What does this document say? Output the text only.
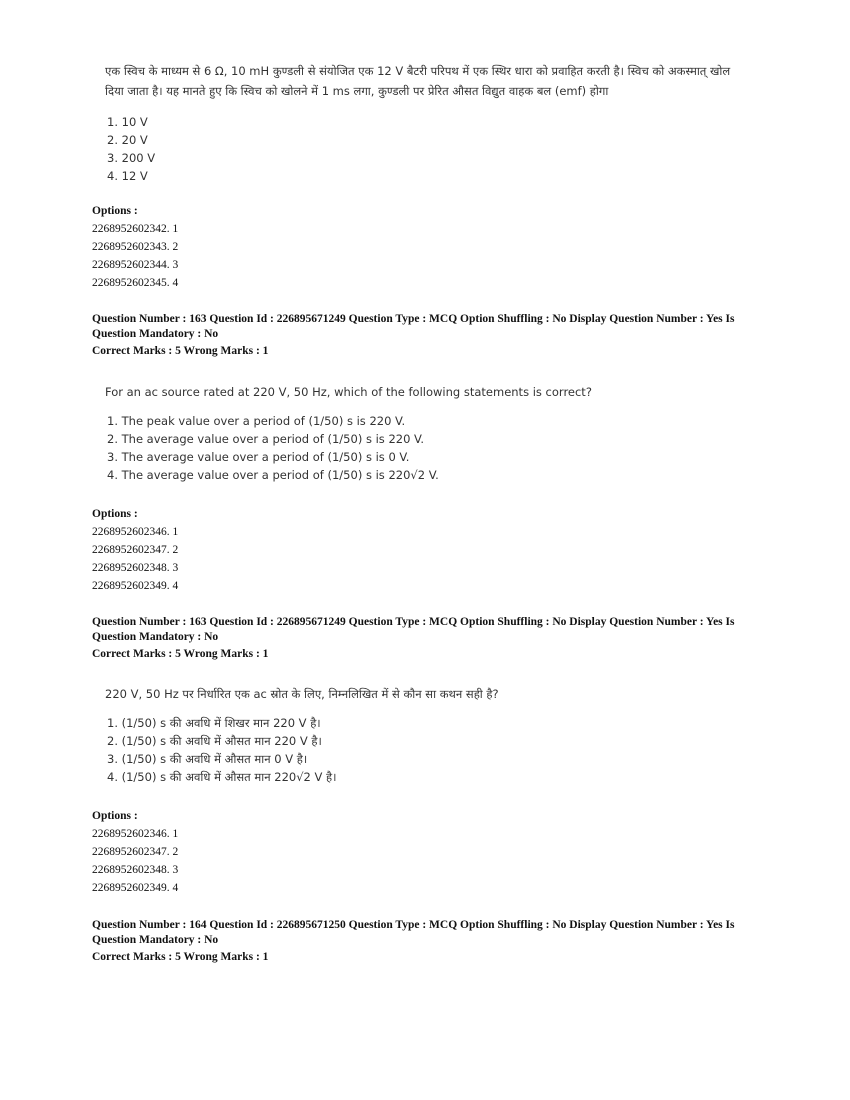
एक स्विच के माध्यम से 6 Ω, 10 mH कुण्डली से संयोजित एक 12 V बैटरी परिपथ में एक स्थिर धारा को प्रवाहित करती है। स्विच को अकस्मात् खोल दिया जाता है। यह मानते हुए कि स्विच को खोलने में 1 ms लगा, कुण्डली पर प्रेरित औसत विद्युत वाहक बल (emf) होगा
1. 10 V
2. 20 V
3. 200 V
4. 12 V
Options :
2268952602342. 1
2268952602343. 2
2268952602344. 3
2268952602345. 4
Question Number : 163 Question Id : 226895671249 Question Type : MCQ Option Shuffling : No Display Question Number : Yes Is Question Mandatory : No
Correct Marks : 5 Wrong Marks : 1
For an ac source rated at 220 V, 50 Hz, which of the following statements is correct?
1. The peak value over a period of (1/50) s is 220 V.
2. The average value over a period of (1/50) s is 220 V.
3. The average value over a period of (1/50) s is 0 V.
4. The average value over a period of (1/50) s is 220√2 V.
Options :
2268952602346. 1
2268952602347. 2
2268952602348. 3
2268952602349. 4
Question Number : 163 Question Id : 226895671249 Question Type : MCQ Option Shuffling : No Display Question Number : Yes Is Question Mandatory : No
Correct Marks : 5 Wrong Marks : 1
220 V, 50 Hz पर निर्धारित एक ac स्रोत के लिए, निम्नलिखित में से कौन सा कथन सही है?
1. (1/50) s की अवधि में शिखर मान 220 V है।
2. (1/50) s की अवधि में औसत मान 220 V है।
3. (1/50) s की अवधि में औसत मान 0 V है।
4. (1/50) s की अवधि में औसत मान 220√2 V है।
Options :
2268952602346. 1
2268952602347. 2
2268952602348. 3
2268952602349. 4
Question Number : 164 Question Id : 226895671250 Question Type : MCQ Option Shuffling : No Display Question Number : Yes Is Question Mandatory : No
Correct Marks : 5 Wrong Marks : 1
